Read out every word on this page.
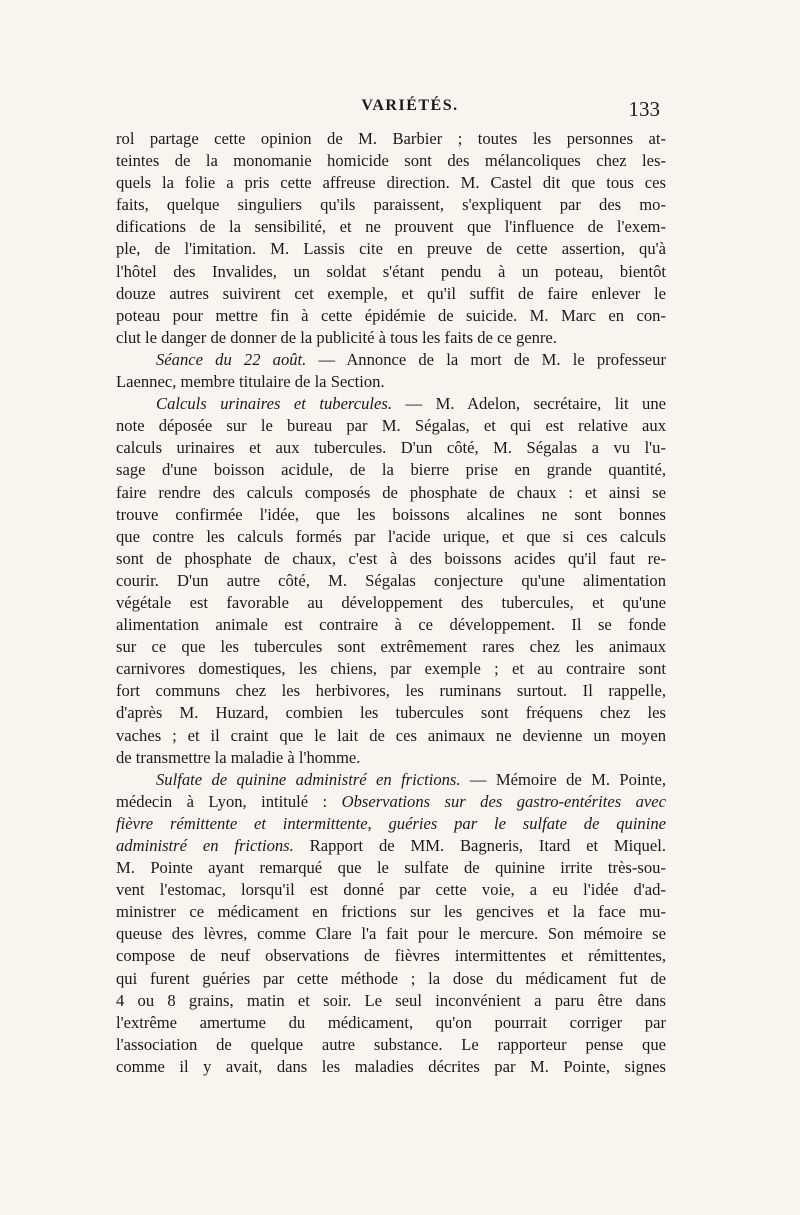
VARIÉTÉS.	133
rol partage cette opinion de M. Barbier ; toutes les personnes at-
teintes de la monomanie homicide sont des mélancoliques chez les-
quels la folie a pris cette affreuse direction. M. Castel dit que tous ces
faits, quelque singuliers qu'ils paraissent, s'expliquent par des mo-
difications de la sensibilité, et ne prouvent que l'influence de l'exem-
ple, de l'imitation. M. Lassis cite en preuve de cette assertion, qu'à
l'hôtel des Invalides, un soldat s'étant pendu à un poteau, bientôt
douze autres suivirent cet exemple, et qu'il suffit de faire enlever le
poteau pour mettre fin à cette épidémie de suicide. M. Marc en con-
clut le danger de donner de la publicité à tous les faits de ce genre.
Séance du 22 août. — Annonce de la mort de M. le professeur
Laennec, membre titulaire de la Section.
Calculs urinaires et tubercules. — M. Adelon, secrétaire, lit une
note déposée sur le bureau par M. Ségalas, et qui est relative aux
calculs urinaires et aux tubercules. D'un côté, M. Ségalas a vu l'u-
sage d'une boisson acidule, de la bierre prise en grande quantité,
faire rendre des calculs composés de phosphate de chaux : et ainsi se
trouve confirmée l'idée, que les boissons alcalines ne sont bonnes
que contre les calculs formés par l'acide urique, et que si ces calculs
sont de phosphate de chaux, c'est à des boissons acides qu'il faut re-
courir. D'un autre côté, M. Ségalas conjecture qu'une alimentation
végétale est favorable au développement des tubercules, et qu'une
alimentation animale est contraire à ce développement. Il se fonde
sur ce que les tubercules sont extrêmement rares chez les animaux
carnivores domestiques, les chiens, par exemple ; et au contraire sont
fort communs chez les herbivores, les ruminans surtout. Il rappelle,
d'après M. Huzard, combien les tubercules sont fréquens chez les
vaches ; et il craint que le lait de ces animaux ne devienne un moyen
de transmettre la maladie à l'homme.
Sulfate de quinine administré en frictions. — Mémoire de M. Pointe,
médecin à Lyon, intitulé : Observations sur des gastro-entérites avec
fièvre rémittente et intermittente, guéries par le sulfate de quinine
administré en frictions. Rapport de MM. Bagneris, Itard et Miquel.
M. Pointe ayant remarqué que le sulfate de quinine irrite très-sou-
vent l'estomac, lorsqu'il est donné par cette voie, a eu l'idée d'ad-
ministrer ce médicament en frictions sur les gencives et la face mu-
queuse des lèvres, comme Clare l'a fait pour le mercure. Son mémoire se
compose de neuf observations de fièvres intermittentes et rémittentes,
qui furent guéries par cette méthode ; la dose du médicament fut de
4 ou 8 grains, matin et soir. Le seul inconvénient a paru être dans
l'extrême amertume du médicament, qu'on pourrait corriger par
l'association de quelque autre substance. Le rapporteur pense que
comme il y avait, dans les maladies décrites par M. Pointe, signes
